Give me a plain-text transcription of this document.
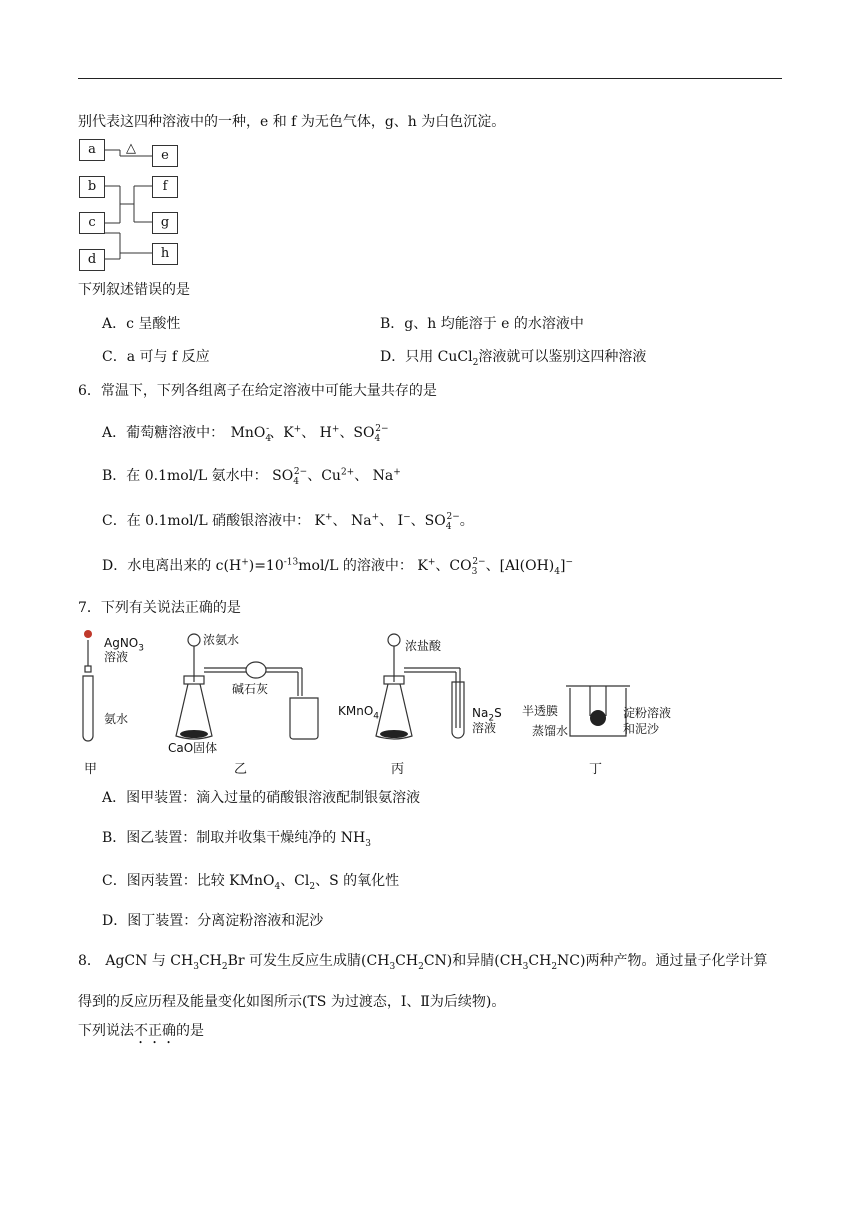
别代表这四种溶液中的一种，e 和 f 为无色气体，g、h 为白色沉淀。
a	e
b	f
c	g
d	h
△
下列叙述错误的是
A．c 呈酸性	B．g、h 均能溶于 e 的水溶液中
C．a 可与 f 反应	D．只用 CuCl$_2$溶液就可以鉴别这四种溶液
6．常温下，下列各组离子在给定溶液中可能大量共存的是
A．葡萄糖溶液中： MnO$_4$-、K+、 H+、$SO_4^{2-}$
B．在 0.1mol/L 氨水中： $SO_4^{2-}$、$Cu^{2+}$、 Na+
C．在 0.1mol/L 硝酸银溶液中： K+、 Na+、 I−、$SO_4^{2-}$。
D．水电离出来的 $c(H^+)=10^{-13}mol/L$ 的溶液中： K+、$CO_3^{2-}$、$[Al(OH)_4]^-$
7．下列有关说法正确的是
AgNO$_3$
溶液
氨水
浓氨水
碱石灰
CaO固体
浓盐酸
KMnO$_4$	$Na_2S$
溶液
半透膜
蒸馏水
淀粉溶液
和泥沙
甲	乙	丙	丁
A．图甲装置：滴入过量的硝酸银溶液配制银氨溶液
B．图乙装置：制取并收集干燥纯净的 $NH_3$
C．图丙装置：比较 KMnO$_4$、$Cl_2$、S 的氧化性
D．图丁装置：分离淀粉溶液和泥沙
8． AgCN 与 $CH_3CH_2Br$ 可发生反应生成腈$(CH_3CH_2CN)$和异腈$(CH_3CH_2NC)$两种产物。通过量子化学计算
得到的反应历程及能量变化如图所示(TS 为过渡态，Ⅰ、Ⅱ为后续物)。
下列说法不正确的是
